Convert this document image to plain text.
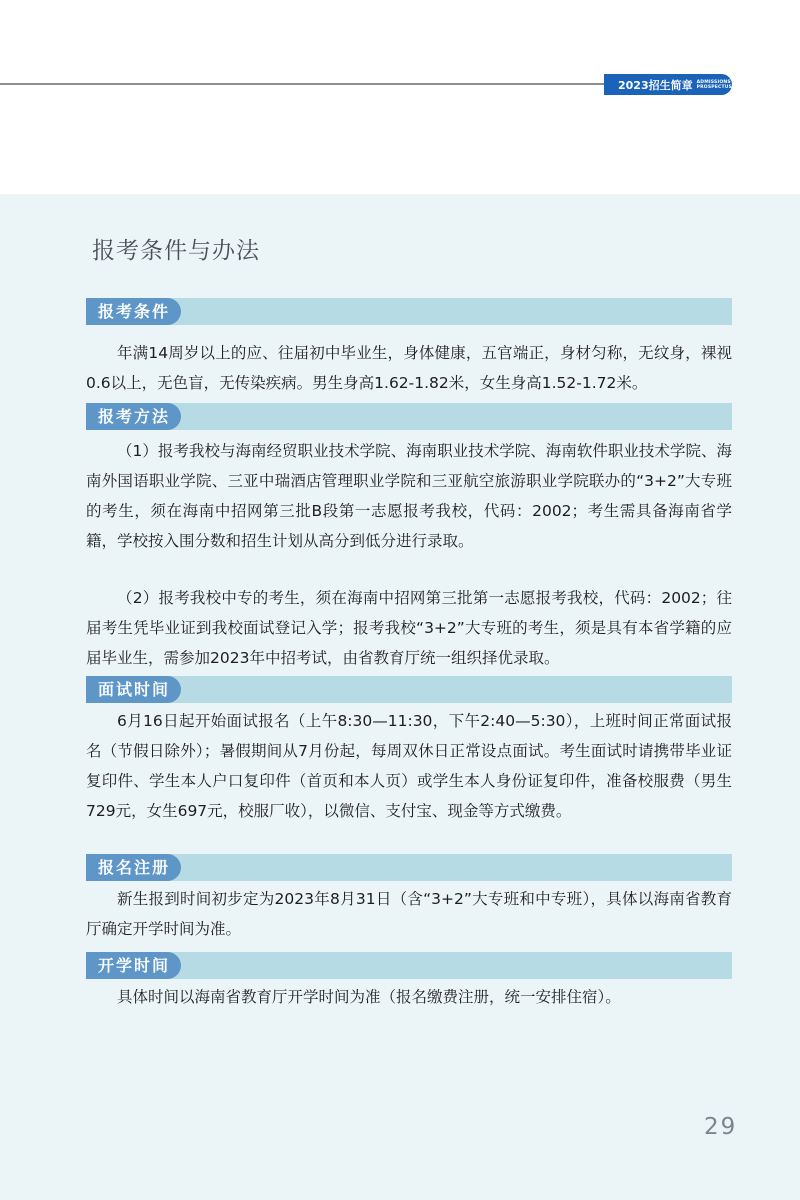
2023招生简章 ADMISSIONS
PROSPECTUS
报考条件与办法
报考条件
年满14周岁以上的应、往届初中毕业生，身体健康，五官端正，身材匀称，无纹身，裸视0.6以上，无色盲，无传染疾病。男生身高1.62-1.82米，女生身高1.52-1.72米。
报考方法
（1）报考我校与海南经贸职业技术学院、海南职业技术学院、海南软件职业技术学院、海南外国语职业学院、三亚中瑞酒店管理职业学院和三亚航空旅游职业学院联办的“3+2”大专班的考生，须在海南中招网第三批B段第一志愿报考我校，代码：2002；考生需具备海南省学籍，学校按入围分数和招生计划从高分到低分进行录取。
（2）报考我校中专的考生，须在海南中招网第三批第一志愿报考我校，代码：2002；往届考生凭毕业证到我校面试登记入学；报考我校“3+2”大专班的考生，须是具有本省学籍的应届毕业生，需参加2023年中招考试，由省教育厅统一组织择优录取。
面试时间
6月16日起开始面试报名（上午8:30—11:30，下午2:40—5:30），上班时间正常面试报名（节假日除外）；暑假期间从7月份起，每周双休日正常设点面试。考生面试时请携带毕业证复印件、学生本人户口复印件（首页和本人页）或学生本人身份证复印件，准备校服费（男生729元，女生697元，校服厂收），以微信、支付宝、现金等方式缴费。
报名注册
新生报到时间初步定为2023年8月31日（含“3+2”大专班和中专班），具体以海南省教育厅确定开学时间为准。
开学时间
具体时间以海南省教育厅开学时间为准（报名缴费注册，统一安排住宿）。
29
